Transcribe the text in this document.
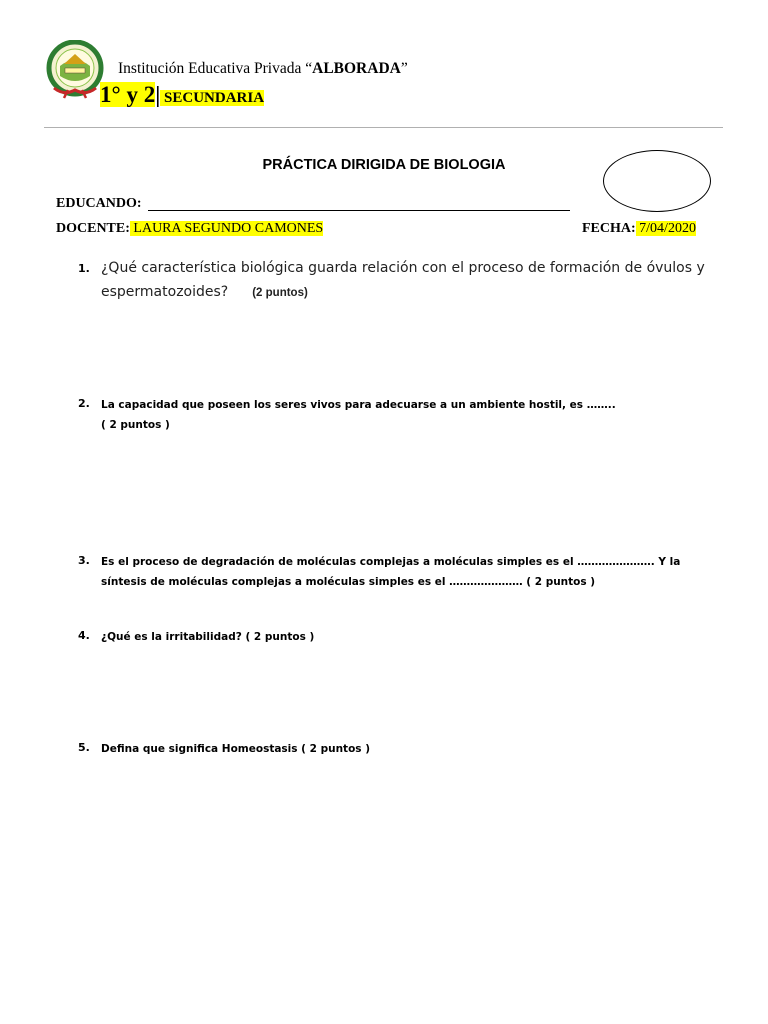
Institución Educativa Privada “ALBORADA”
1° y 2| SECUNDARIA
PRÁCTICA DIRIGIDA DE BIOLOGIA
EDUCANDO:
DOCENTE: LAURA SEGUNDO CAMONES	FECHA: 7/04/2020
1. ¿Qué característica biológica guarda relación con el proceso de formación de óvulos y espermatozoides? (2 puntos)
2. La capacidad que poseen los seres vivos para adecuarse a un ambiente hostil, es ……..
( 2 puntos )
3. Es el proceso de degradación de moléculas complejas a moléculas simples es el …………………. Y la síntesis de moléculas complejas a moléculas simples es el ………………… ( 2 puntos )
4. ¿Qué es la irritabilidad? ( 2 puntos )
5. Defina que significa Homeostasis ( 2 puntos )
